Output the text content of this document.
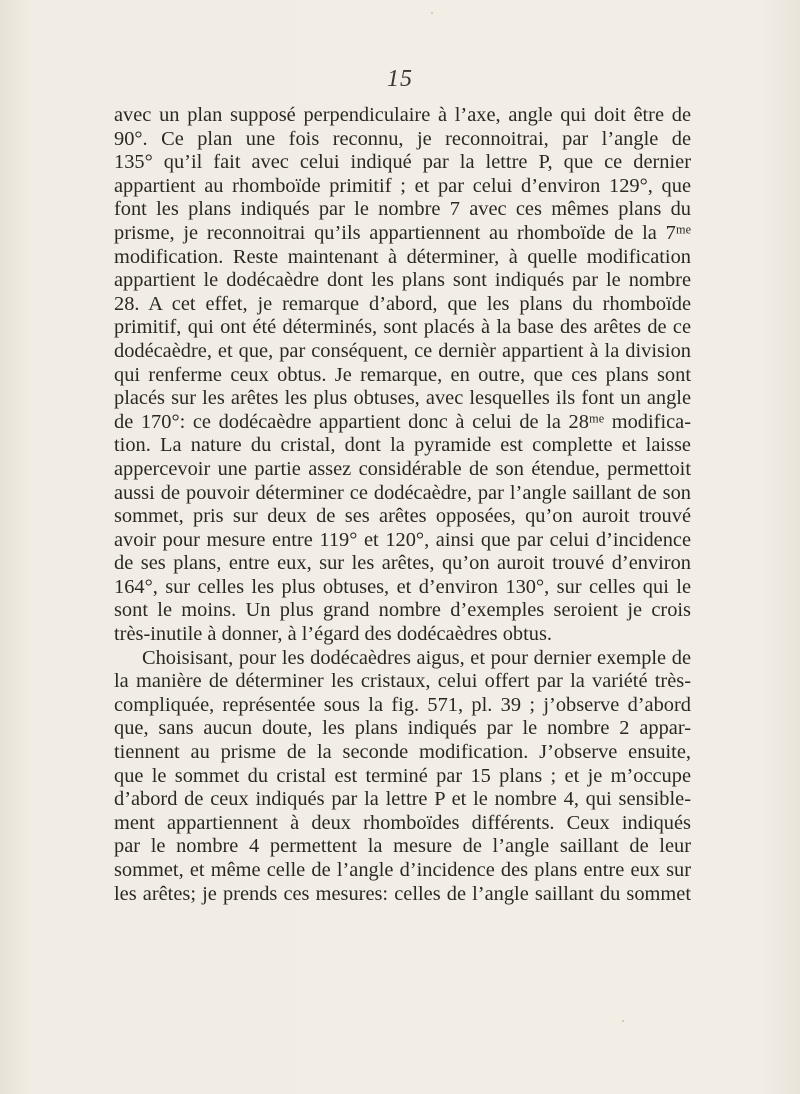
15
avec un plan supposé perpendiculaire à l’axe, angle qui doit être de
90°. Ce plan une fois reconnu, je reconnoitrai, par l’angle de
135° qu’il fait avec celui indiqué par la lettre P, que ce dernier
appartient au rhomboïde primitif ; et par celui d’environ 129°, que
font les plans indiqués par le nombre 7 avec ces mêmes plans du
prisme, je reconnoitrai qu’ils appartiennent au rhomboïde de la 7ᵐᵉ
modification. Reste maintenant à déterminer, à quelle modification
appartient le dodécaèdre dont les plans sont indiqués par le nombre
28. A cet effet, je remarque d’abord, que les plans du rhomboïde
primitif, qui ont été déterminés, sont placés à la base des arêtes de ce
dodécaèdre, et que, par conséquent, ce dernièr appartient à la division
qui renferme ceux obtus. Je remarque, en outre, que ces plans sont
placés sur les arêtes les plus obtuses, avec lesquelles ils font un angle
de 170°: ce dodécaèdre appartient donc à celui de la 28ᵐᵉ modifica-
tion. La nature du cristal, dont la pyramide est complette et laisse
appercevoir une partie assez considérable de son étendue, permettoit
aussi de pouvoir déterminer ce dodécaèdre, par l’angle saillant de son
sommet, pris sur deux de ses arêtes opposées, qu’on auroit trouvé
avoir pour mesure entre 119° et 120°, ainsi que par celui d’incidence
de ses plans, entre eux, sur les arêtes, qu’on auroit trouvé d’environ
164°, sur celles les plus obtuses, et d’environ 130°, sur celles qui le
sont le moins. Un plus grand nombre d’exemples seroient je crois
très-inutile à donner, à l’égard des dodécaèdres obtus.
Choisisant, pour les dodécaèdres aigus, et pour dernier exemple de
la manière de déterminer les cristaux, celui offert par la variété très-
compliquée, représentée sous la fig. 571, pl. 39 ; j’observe d’abord
que, sans aucun doute, les plans indiqués par le nombre 2 appar-
tiennent au prisme de la seconde modification. J’observe ensuite,
que le sommet du cristal est terminé par 15 plans ; et je m’occupe
d’abord de ceux indiqués par la lettre P et le nombre 4, qui sensible-
ment appartiennent à deux rhomboïdes différents. Ceux indiqués
par le nombre 4 permettent la mesure de l’angle saillant de leur
sommet, et même celle de l’angle d’incidence des plans entre eux sur
les arêtes; je prends ces mesures: celles de l’angle saillant du sommet
